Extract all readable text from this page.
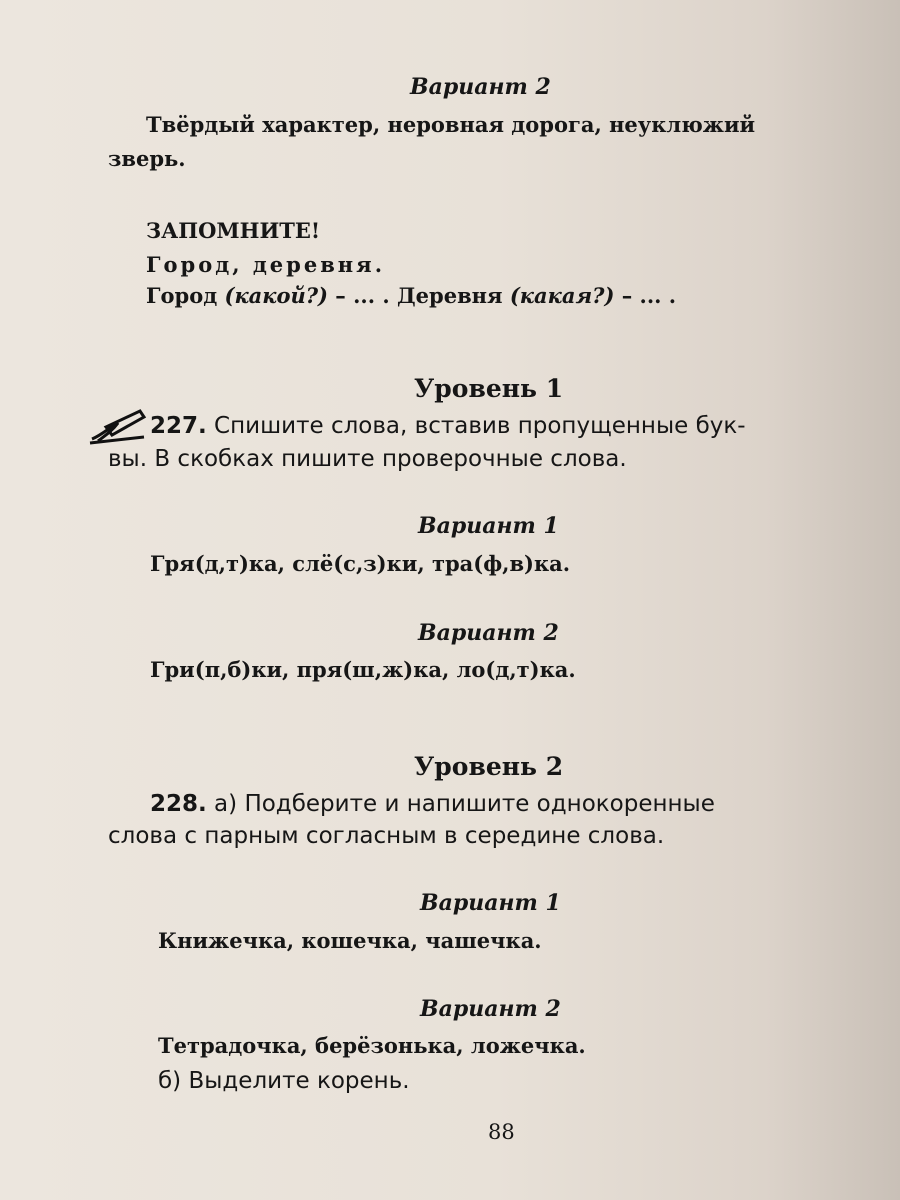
Вариант 2
Твёрдый характер, неровная дорога, неуклюжий
зверь.
ЗАПОМНИТЕ!
Город, деревня.
Город (какой?) – ... . Деревня (какая?) – ... .
Уровень 1
227. Спишите слова, вставив пропущенные бук-
вы. В скобках пишите проверочные слова.
Вариант 1
Гря(д,т)ка, слё(с,з)ки, тра(ф,в)ка.
Вариант 2
Гри(п,б)ки, пря(ш,ж)ка, ло(д,т)ка.
Уровень 2
228. а) Подберите и напишите однокоренные
слова с парным согласным в середине слова.
Вариант 1
Книжечка, кошечка, чашечка.
Вариант 2
Тетрадочка, берёзонька, ложечка.
б) Выделите корень.
88
